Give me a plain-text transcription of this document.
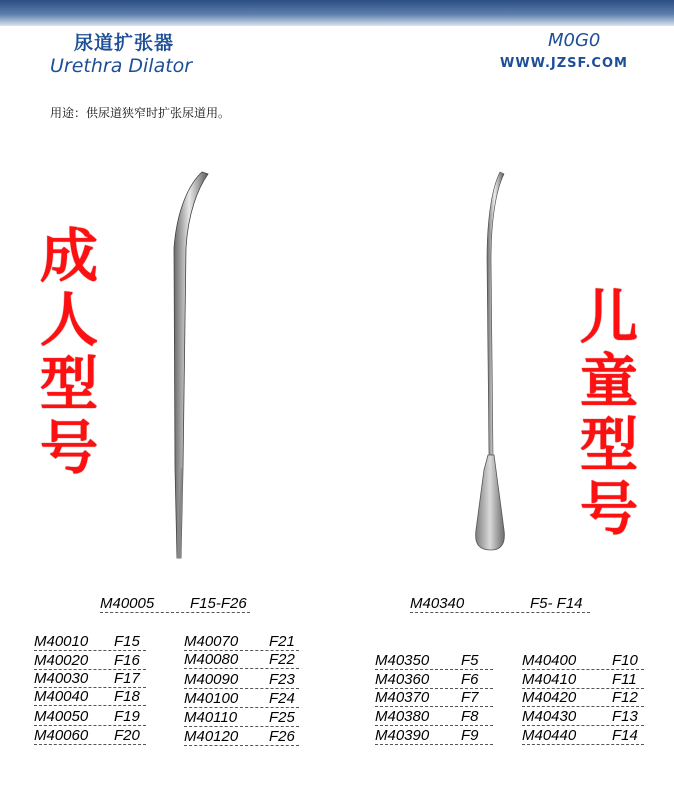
尿道扩张器
Urethra Dilator
M0G0
WWW.JZSF.COM
用途：供尿道狭窄时扩张尿道用。
成
人
型
号
儿
童
型
号
M40005	F15-F26	M40340	F5- F14
M40010	F15
M40020	F16
M40030	F17
M40040	F18
M40050	F19
M40060	F20
M40070	F21
M40080	F22
M40090	F23
M40100	F24
M40110	F25
M40120	F26
M40350	F5
M40360	F6
M40370	F7
M40380	F8
M40390	F9
M40400	F10
M40410	F11
M40420	F12
M40430	F13
M40440	F14
